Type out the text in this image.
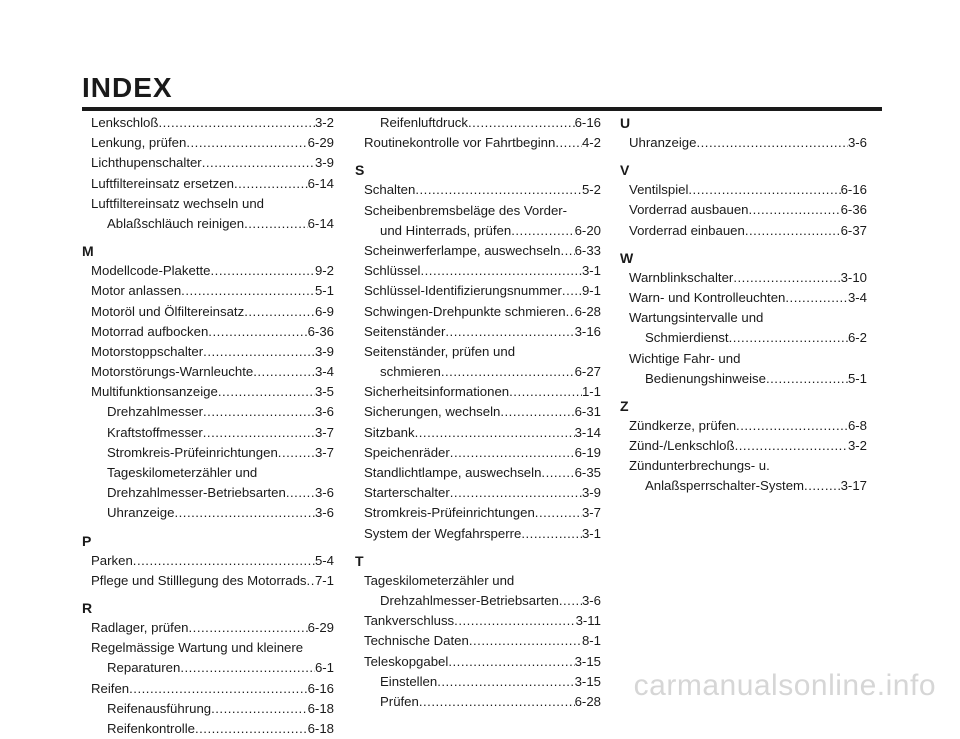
INDEX
Lenkschloß .....	3-2
Lenkung, prüfen .....	6-29
Lichthupenschalter .....	3-9
Luftfiltereinsatz ersetzen .....	6-14
Luftfiltereinsatz wechseln und
Ablaßschläuch reinigen .....	6-14
M
Modellcode-Plakette .....	9-2
Motor anlassen .....	5-1
Motoröl und Ölfiltereinsatz .....	6-9
Motorrad aufbocken .....	6-36
Motorstoppschalter .....	3-9
Motorstörungs-Warnleuchte .....	3-4
Multifunktionsanzeige .....	3-5
Drehzahlmesser .....	3-6
Kraftstoffmesser .....	3-7
Stromkreis-Prüfeinrichtungen .....	3-7
Tageskilometerzähler und
Drehzahlmesser-Betriebsarten ..... 3-6
Uhranzeige .....	3-6
P
Parken .....	5-4
Pflege und Stilllegung des Motorrads ..... 7-1
R
Radlager, prüfen .....	6-29
Regelmässige Wartung und kleinere
Reparaturen .....	6-1
Reifen .....	6-16
Reifenausführung .....	6-18
Reifenkontrolle .....	6-18
Reifenluftdruck .....	6-16
Routinekontrolle vor Fahrtbeginn ..... 4-2
S
Schalten .....	5-2
Scheibenbremsbeläge des Vorder-
und Hinterrads, prüfen .....	6-20
Scheinwerferlampe, auswechseln ..... 6-33
Schlüssel .....	3-1
Schlüssel-Identifizierungsnummer ..... 9-1
Schwingen-Drehpunkte schmieren ..... 6-28
Seitenständer .....	3-16
Seitenständer, prüfen und
schmieren .....	6-27
Sicherheitsinformationen .....	1-1
Sicherungen, wechseln .....	6-31
Sitzbank .....	3-14
Speichenräder .....	6-19
Standlichtlampe, auswechseln .....	6-35
Starterschalter .....	3-9
Stromkreis-Prüfeinrichtungen .....	3-7
System der Wegfahrsperre .....	3-1
T
Tageskilometerzähler und
Drehzahlmesser-Betriebsarten ..... 3-6
Tankverschluss .....	3-11
Technische Daten .....	8-1
Teleskopgabel .....	3-15
Einstellen .....	3-15
Prüfen .....	6-28
U
Uhranzeige .....	3-6
V
Ventilspiel .....	6-16
Vorderrad ausbauen .....	6-36
Vorderrad einbauen .....	6-37
W
Warnblinkschalter .....	3-10
Warn- und Kontrolleuchten .....	3-4
Wartungsintervalle und
Schmierdienst .....	6-2
Wichtige Fahr- und
Bedienungshinweise .....	5-1
Z
Zündkerze, prüfen .....	6-8
Zünd-/Lenkschloß .....	3-2
Zündunterbrechungs- u.
Anlaßsperrschalter-System .....	3-17
carmanualsonline.info
